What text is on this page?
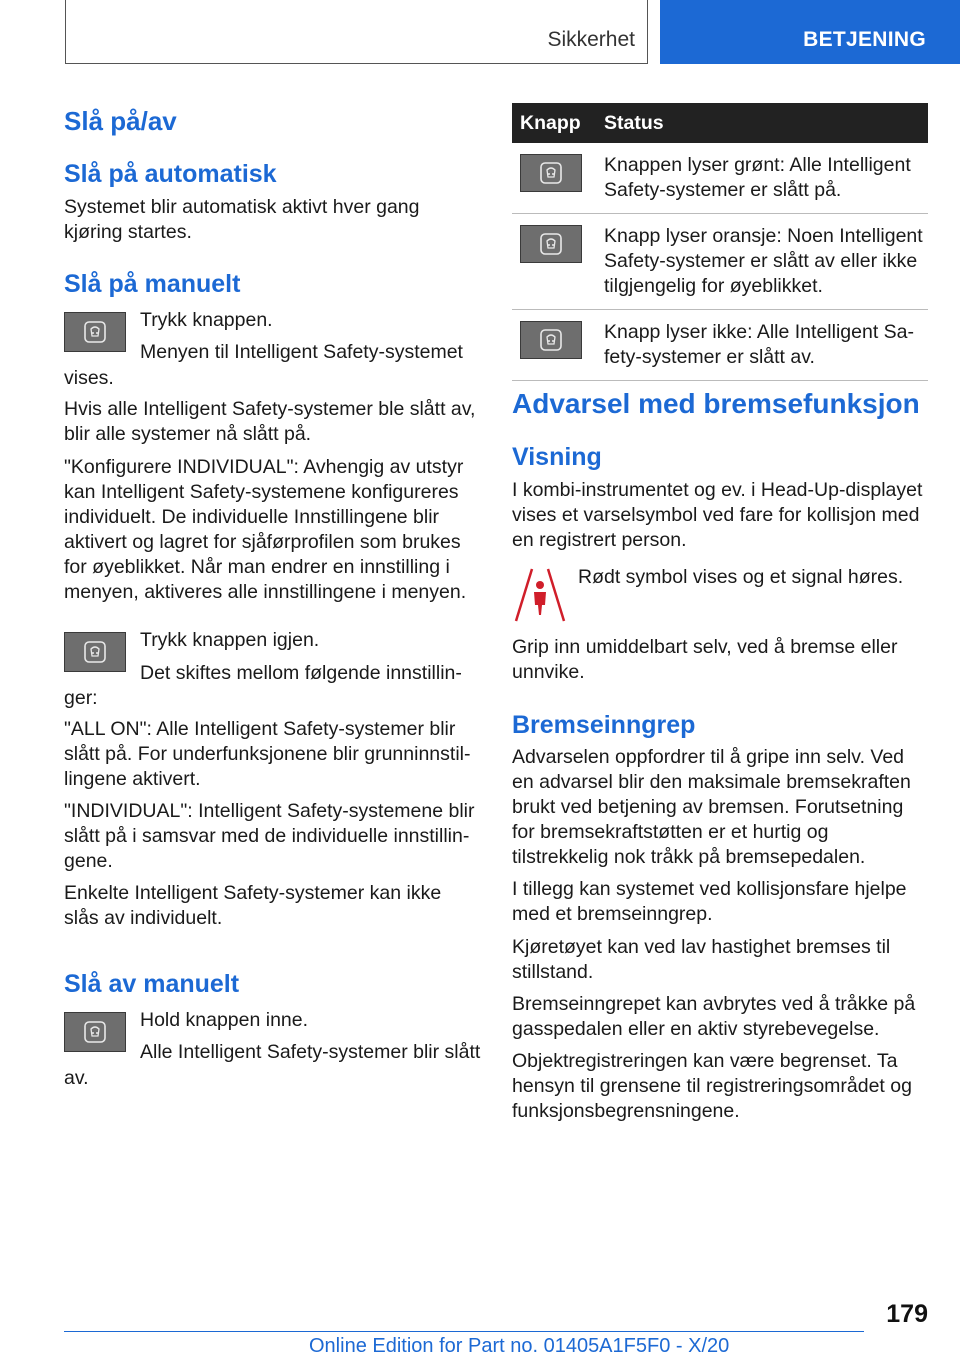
Sikkerhet	BETJENING
Slå på/av
Slå på automatisk

Systemet blir automatisk aktivt hver gang kjøring startes.

Slå på manuelt

Trykk knappen.

Menyen til Intelligent Safety-systemet

vises.

Hvis alle Intelligent Safety-systemer ble slått av, blir alle systemer nå slått på.

"Konfigurere INDIVIDUAL": Avhengig av utstyr kan Intelligent Safety-systemene konfigureres individuelt. De individuelle Innstillingene blir aktivert og lagret for sjåførprofilen som brukes for øyeblikket. Når man endrer en innstilling i menyen, aktiveres alle innstillingene i menyen.

Trykk knappen igjen.

Det skiftes mellom følgende innstillin-

ger:

"ALL ON": Alle Intelligent Safety-systemer blir slått på. For underfunksjonene blir grunninnstillingene aktivert.

"INDIVIDUAL": Intelligent Safety-systemene blir slått på i samsvar med de individuelle innstillingene.

Enkelte Intelligent Safety-systemer kan ikke slås av individuelt.

Slå av manuelt

Hold knappen inne.

Alle Intelligent Safety-systemer blir slått

av.

Knapp	Status

	Knappen lyser grønt: Alle Intelligent Safety-systemer er slått på.

	Knapp lyser oransje: Noen Intelligent Safety-systemer er slått av eller ikke tilgjengelig for øyeblikket.

	Knapp lyser ikke: Alle Intelligent Safety-systemer er slått av.
Advarsel med bremsefunksjon
Visning

I kombi-instrumentet og ev. i Head-Up-displayet vises et varselsymbol ved fare for kollisjon med en registrert person.

Rødt symbol vises og et signal høres.

Grip inn umiddelbart selv, ved å bremse eller unnvike.

Bremseinngrep

Advarselen oppfordrer til å gripe inn selv. Ved en advarsel blir den maksimale bremsekraften brukt ved betjening av bremsen. Forutsetning for bremsekraftstøtten er et hurtig og tilstrekkelig nok tråkk på bremsepedalen.

I tillegg kan systemet ved kollisjonsfare hjelpe med et bremseinngrep.

Kjøretøyet kan ved lav hastighet bremses til stillstand.

Bremseinngrepet kan avbrytes ved å tråkke på gasspedalen eller en aktiv styrebevegelse.

Objektregistreringen kan være begrenset. Ta hensyn til grensene til registreringsområdet og funksjonsbegrensningene.

179
Online Edition for Part no. 01405A1F5F0 - X/20
